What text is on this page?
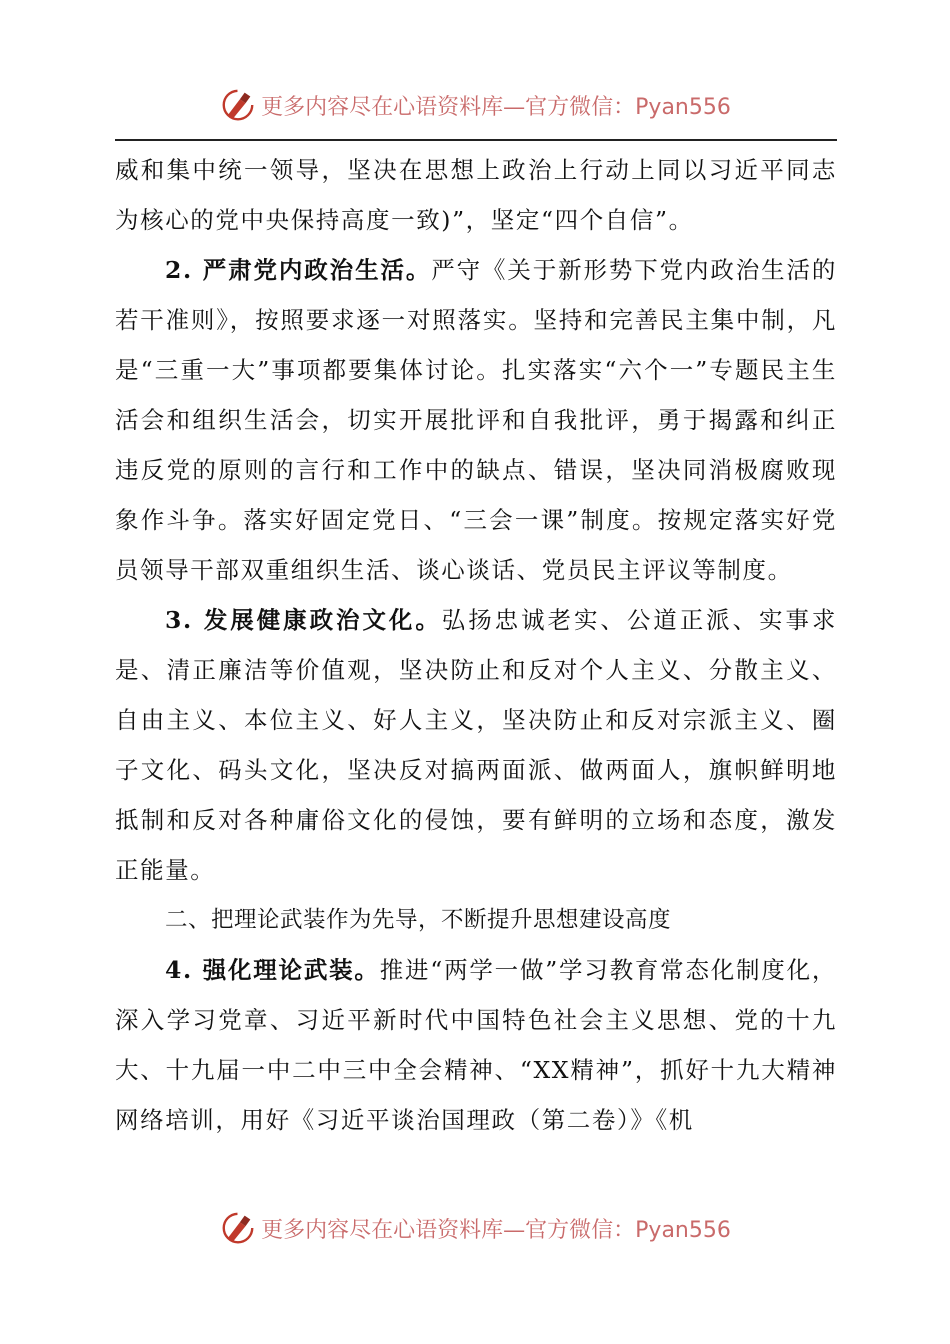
更多内容尽在心语资料库—官方微信：Pyan556

威和集中统一领导，坚决在思想上政治上行动上同以习近平同志为核心的党中央保持高度一致)”，坚定“四个自信”。

2. 严肃党内政治生活。严守《关于新形势下党内政治生活的若干准则》，按照要求逐一对照落实。坚持和完善民主集中制，凡是“三重一大”事项都要集体讨论。扎实落实“六个一”专题民主生活会和组织生活会，切实开展批评和自我批评，勇于揭露和纠正违反党的原则的言行和工作中的缺点、错误，坚决同消极腐败现象作斗争。落实好固定党日、“三会一课”制度。按规定落实好党员领导干部双重组织生活、谈心谈话、党员民主评议等制度。

3. 发展健康政治文化。弘扬忠诚老实、公道正派、实事求是、清正廉洁等价值观，坚决防止和反对个人主义、分散主义、自由主义、本位主义、好人主义，坚决防止和反对宗派主义、圈子文化、码头文化，坚决反对搞两面派、做两面人，旗帜鲜明地抵制和反对各种庸俗文化的侵蚀，要有鲜明的立场和态度，激发正能量。

二、把理论武装作为先导，不断提升思想建设高度

4. 强化理论武装。推进“两学一做”学习教育常态化制度化，深入学习党章、习近平新时代中国特色社会主义思想、党的十九大、十九届一中二中三中全会精神、“XX精神”，抓好十九大精神网络培训，用好《习近平谈治国理政（第二卷）》《机

更多内容尽在心语资料库—官方微信：Pyan556
